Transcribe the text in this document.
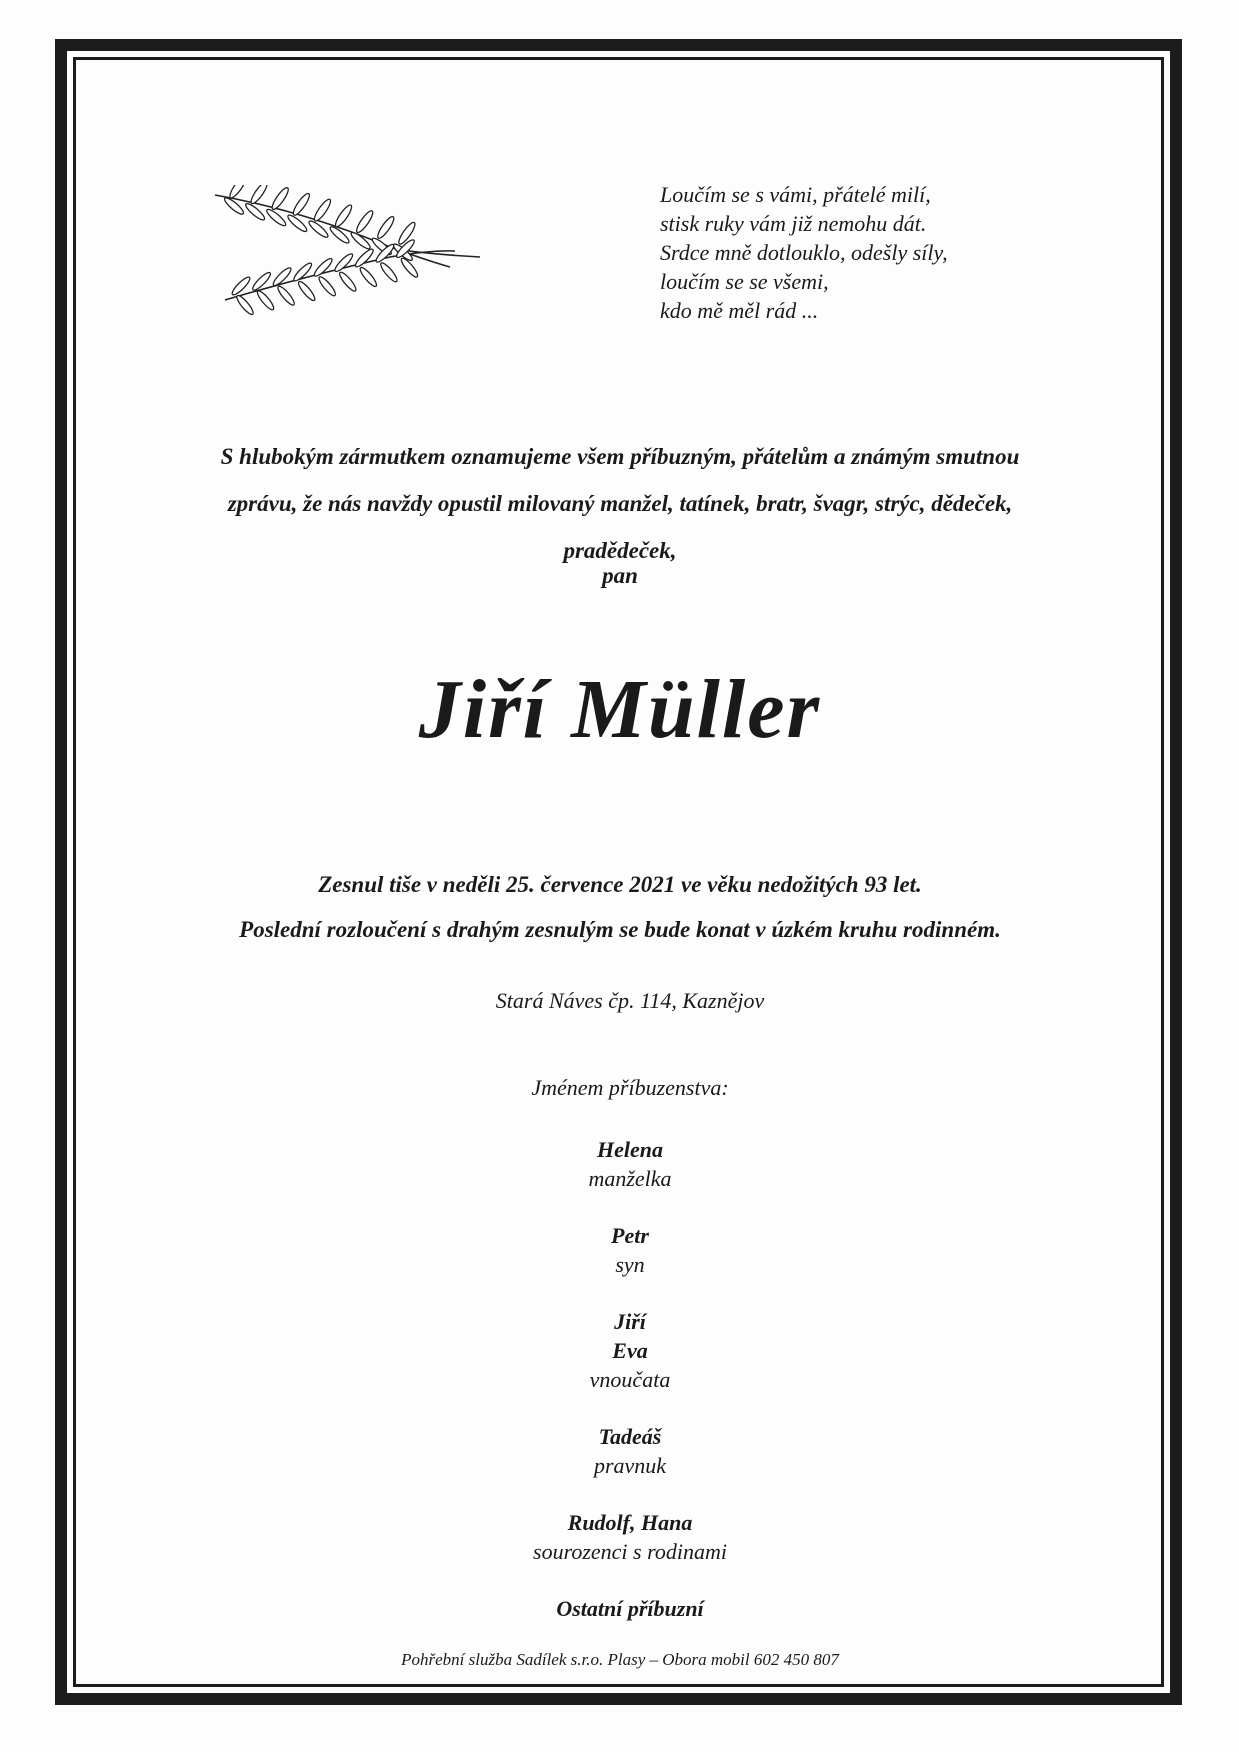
Loučím se s vámi, přátelé milí,
stisk ruky vám již nemohu dát.
Srdce mně dotlouklo, odešly síly,
loučím se se všemi,
kdo mě měl rád ...
S hlubokým zármutkem oznamujeme všem příbuzným, přátelům a známým smutnou
zprávu, že nás navždy opustil milovaný manžel, tatínek, bratr, švagr, strýc, dědeček,
pradědeček,
pan
Jiří Müller
Zesnul tiše v neděli 25. července 2021 ve věku nedožitých 93 let.
Poslední rozloučení s drahým zesnulým se bude konat v úzkém kruhu rodinném.
Stará Náves čp. 114, Kaznějov
Jménem příbuzenstva:
Helena
manželka
Petr
syn
Jiří
Eva
vnoučata
Tadeáš
pravnuk
Rudolf, Hana
sourozenci s rodinami
Ostatní příbuzní
Pohřební služba Sadílek s.r.o. Plasy – Obora mobil 602 450 807
